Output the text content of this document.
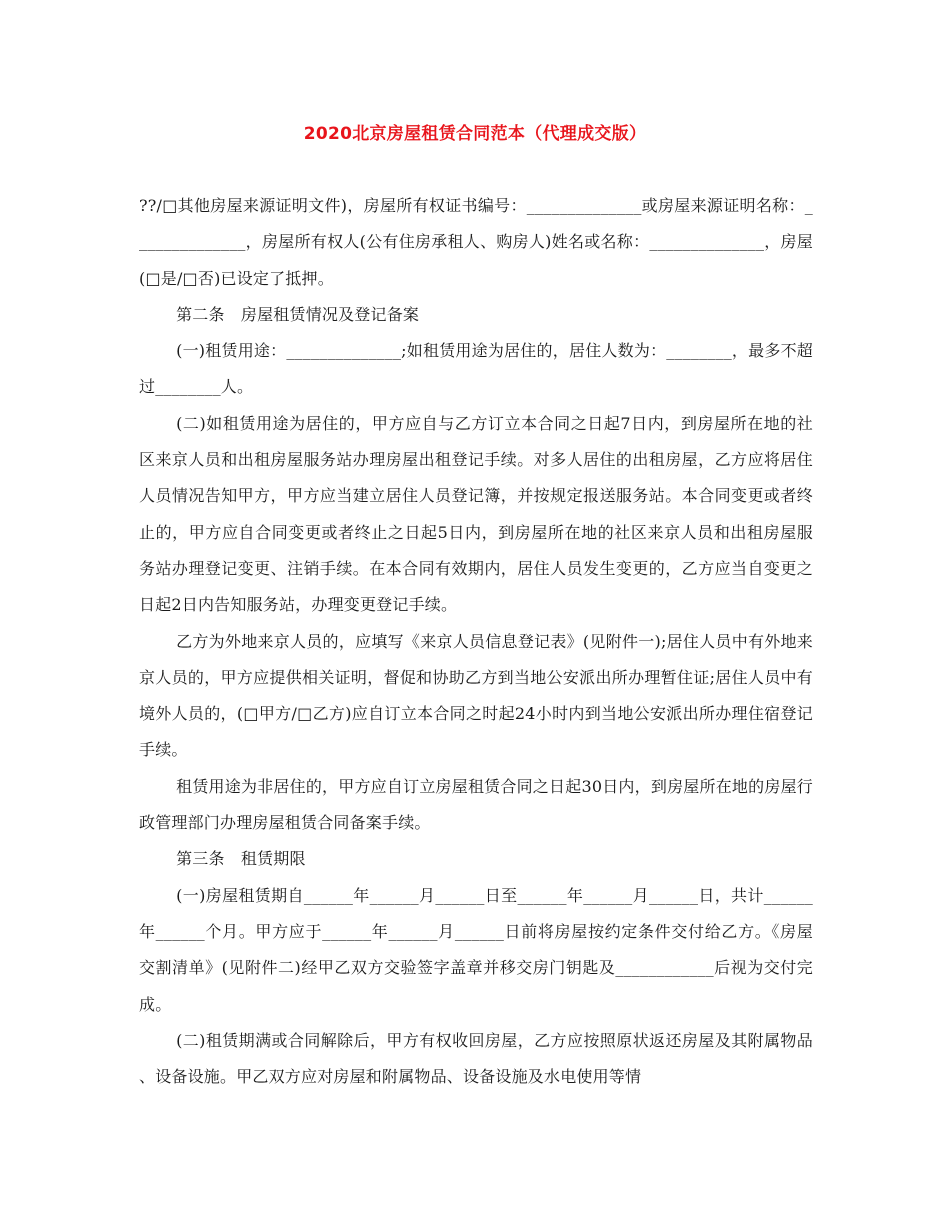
2020北京房屋租赁合同范本（代理成交版）

??/□其他房屋来源证明文件)，房屋所有权证书编号：______________或房屋来源证明名称：______________，房屋所有权人(公有住房承租人、购房人)姓名或名称：______________，房屋(□是/□否)已设定了抵押。

第二条　房屋租赁情况及登记备案

(一)租赁用途：______________;如租赁用途为居住的，居住人数为：________，最多不超过________人。

(二)如租赁用途为居住的，甲方应自与乙方订立本合同之日起7日内，到房屋所在地的社区来京人员和出租房屋服务站办理房屋出租登记手续。对多人居住的出租房屋，乙方应将居住人员情况告知甲方，甲方应当建立居住人员登记簿，并按规定报送服务站。本合同变更或者终止的，甲方应自合同变更或者终止之日起5日内，到房屋所在地的社区来京人员和出租房屋服务站办理登记变更、注销手续。在本合同有效期内，居住人员发生变更的，乙方应当自变更之日起2日内告知服务站，办理变更登记手续。

乙方为外地来京人员的，应填写《来京人员信息登记表》(见附件一);居住人员中有外地来京人员的，甲方应提供相关证明，督促和协助乙方到当地公安派出所办理暂住证;居住人员中有境外人员的，(□甲方/□乙方)应自订立本合同之时起24小时内到当地公安派出所办理住宿登记手续。

租赁用途为非居住的，甲方应自订立房屋租赁合同之日起30日内，到房屋所在地的房屋行政管理部门办理房屋租赁合同备案手续。

第三条　租赁期限

(一)房屋租赁期自______年______月______日至______年______月______日，共计______年______个月。甲方应于______年______月______日前将房屋按约定条件交付给乙方。《房屋交割清单》(见附件二)经甲乙双方交验签字盖章并移交房门钥匙及____________后视为交付完成。

(二)租赁期满或合同解除后，甲方有权收回房屋，乙方应按照原状返还房屋及其附属物品、设备设施。甲乙双方应对房屋和附属物品、设备设施及水电使用等情
